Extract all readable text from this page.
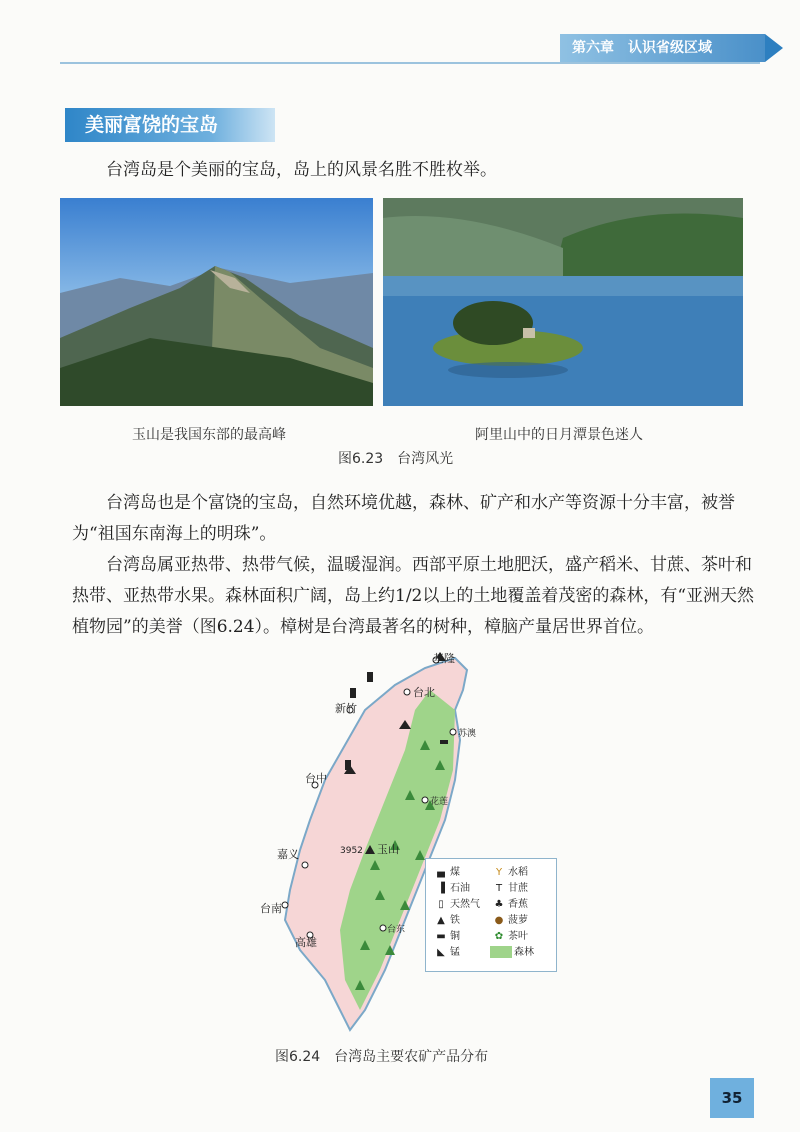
第六章 认识省级区域
美丽富饶的宝岛

台湾岛是个美丽的宝岛，岛上的风景名胜不胜枚举。

玉山是我国东部的最高峰	阿里山中的日月潭景色迷人
图6.23　台湾风光

台湾岛也是个富饶的宝岛，自然环境优越，森林、矿产和水产等资源十分丰富，被誉为“祖国东南海上的明珠”。

台湾岛属亚热带、热带气候，温暖湿润。西部平原土地肥沃，盛产稻米、甘蔗、茶叶和热带、亚热带水果。森林面积广阔，岛上约1/2以上的土地覆盖着茂密的森林，有“亚洲天然植物园”的美誉（图6.24）。樟树是台湾最著名的树种，樟脑产量居世界首位。

基隆
台北
新竹
台中
嘉义
台南
高雄
玉山
3952
花莲
台东
苏澳
▄ 煤
▐ 石油
▯ 天然气
▲ 铁
▬ 铜
◣ 锰
Y 水稻
T 甘蔗
♣ 香蕉
● 菠萝
✿ 茶叶
森林
图6.24　台湾岛主要农矿产品分布
35
